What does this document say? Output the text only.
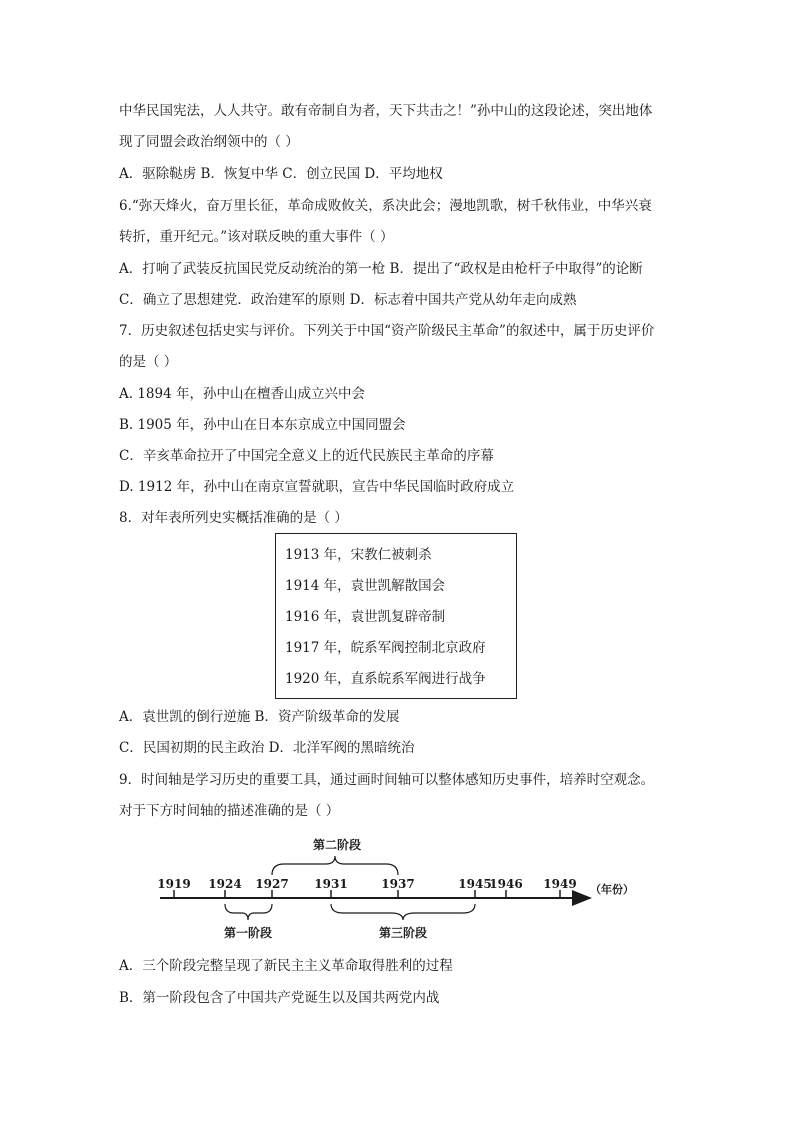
中华民国宪法，人人共守。敢有帝制自为者，天下共击之！”孙中山的这段论述，突出地体
现了同盟会政治纲领中的（ ）
A．驱除鞑虏 B．恢复中华 C．创立民国 D．平均地权
6.“弥天烽火，奋万里长征，革命成败攸关，系决此会；漫地凯歌，树千秋伟业，中华兴衰
转折，重开纪元。”该对联反映的重大事件（ ）
A．打响了武装反抗国民党反动统治的第一枪 B．提出了“政权是由枪杆子中取得”的论断
C．确立了思想建党．政治建军的原则 D．标志着中国共产党从幼年走向成熟
7．历史叙述包括史实与评价。下列关于中国“资产阶级民主革命”的叙述中，属于历史评价
的是（ ）
A. 1894 年，孙中山在檀香山成立兴中会
B. 1905 年，孙中山在日本东京成立中国同盟会
C．辛亥革命拉开了中国完全意义上的近代民族民主革命的序幕
D. 1912 年，孙中山在南京宣誓就职，宣告中华民国临时政府成立
8．对年表所列史实概括准确的是（ ）
1913 年，宋教仁被刺杀
1914 年，袁世凯解散国会
1916 年，袁世凯复辟帝制
1917 年，皖系军阀控制北京政府
1920 年，直系皖系军阀进行战争
A．袁世凯的倒行逆施 B．资产阶级革命的发展
C．民国初期的民主政治 D．北洋军阀的黑暗统治
9．时间轴是学习历史的重要工具，通过画时间轴可以整体感知历史事件，培养时空观念。
对于下方时间轴的描述准确的是（ ）
1919 1924 1927 1931	1937	1945
1946 1949 （年份）
第二阶段
第一阶段	第三阶段
A．三个阶段完整呈现了新民主主义革命取得胜利的过程
B．第一阶段包含了中国共产党诞生以及国共两党内战
